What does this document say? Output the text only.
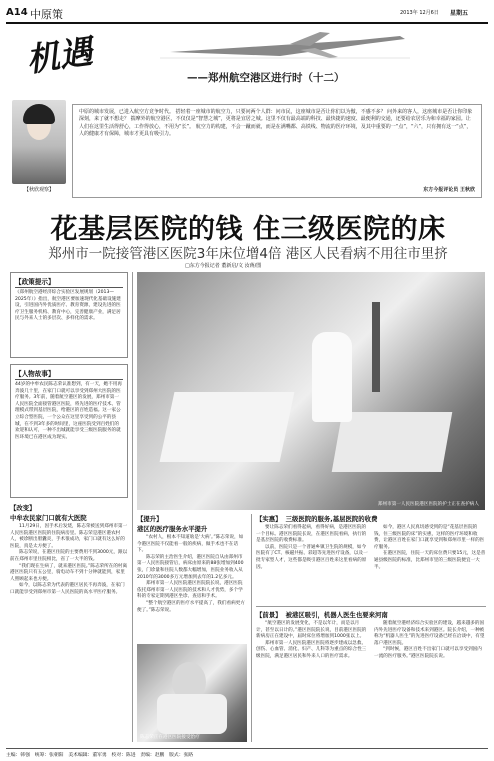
A14 中原策	2013年 12月6日 星期五
机遇	——郑州航空港区进行时（十二）
【秋欣观察】
中原的城市发展，已进入航空方竞争时代。 搭轻着一座城市的航空力，只要问两个人群：问市民，这座城市是否让你们以为傲，不感不多？ 问外来的客人，这座城市是否让你印象深刻，来了就不想走？ 揣摩外的航空港区，不仅仅是“智慧之城”，更将是宜居之城。这里不仅有最高端的科技、最快捷的速度、最便利的交通，还要给农居乐为和幸福的家园。让人们在这里生活得舒心，工作得放心，不用为“长”。 航空力的构建，不会一蹴而就，而是在满嘴都、高铁线、物流的医疗环境，及其中重要的一“点”，“六”，只有拥有这一“点”，人的健康才有保障，城市才更具有吸引力。
东方今报评论员 王秋欣
花基层医院的钱 住三级医院的床
郑州市一院接管港区医院3年床位增4倍 港区人民看病不用往市里挤
□东方今报记者 董新启/文 汝蒋/图
【政策提示】
《郑州航空港经济综合实验区发展规划（2013—2025年）》指出，航空港区要加速现代化基础设施建设，引进国内外优质医疗、教育资源，建设先进的医疗卫生服务机构、教育中心，完善健康产业，满足居民与外来人士的多层次、多样化的需求。
【人物故事】
44岁的中牟农民陈志荣认准想到，有一天，她不用再奔波几十里，在家门口就可以享受到郑州大医院的医疗服务。3年前，随着航空港区的发展，郑州市第一人民医院全面接管港区医院，将先进的医疗技术、管理模式带到基层医院，给港区的百姓造福。这一家公立综合型医院，一个公众在这里享受到的公平的县城，在不到3年多的时间里，这座医院受到百姓们的欢迎和认可，一种不出城就能享受三级医院服务的就医环境已在港区成为现实。
【改变】
中牟农民家门口就有大医院

11月29日，因手术后发烧，陈志荣被送到郑州市第一人民医院港区医院的住院病房里。陈志荣是港区港农村人，被诊断出胆囊炎，手术很成功，家门口就有这么好的医院，真是太方便了。

陈志荣说，在港区住院的主要费用不到3000元，跟以前在郑州市里住院相比，省了一大半的钱。

“我们现在生病了，就来港区医院。”陈志荣所在的村离港区医院只有五公里，骑电动车不到十分钟就能到，家里人照顾起来也方便。

如今，以陈志荣为代表的港区居民不再奔波，在家门口就能享受到郑州市第一人民医院的高水平医疗服务。

郑州市第一人民医院港区医院的护士正在查护病人
【提升】
港区的医疗服务水平提升

“农村人，根本不知道啥是‘大病’。”陈志荣说，如今港区医院不仅能看一般的疾病，做手术也不在话下。

陈志荣的主治医生介绍，港区医院自从由郑州市第一人民医院接管后，病床由原来的88张增加到400张，门诊量和住院人数都大幅增加，医院业务收入从2010年的3000多万元增加到去年的1.2亿多元。

郑州市第一人民医院港区医院院长说，港区医院依托郑州市第一人民医院的技术和人才优势，多个学科的专家定期到港区坐诊、查房和手术。

“整个航空港区的医疗水平提高了，我们看病更方便了。”陈志荣说。

陈志荣正在港区医院接受治疗
【实惠】 三级医院的服务,基层医院的收费

要让陈志荣们看得起病，看得好病，是港区医院的一个目标。港区医院院长说，在港区医院看病，执行的是基层医院的收费标准。

以前，医院只是一个普通乡镇卫生院的规模，如今医院有了CT、核磁共振、彩超等先进医疗设备，以及一批专家型人才，这些都是吸引港区百姓来这里看病的原因。

如今，港区人民真切感受到的是“花基层医院的钱，住三级医院的床”的实惠，这样的医疗环境和收费，让港区百姓在家门口就享受到和郑州市里一样的医疗服务。

在港区医院，住院一天的床位费只要15元，这是普通县级医院的标准，比郑州市里的三级医院便宜一大半。

【前景】 被港区吸引，机器人医生也要来河南

“航空港区的发展变化，不是以年计，而是以月计，甚至以日计的。”港区医院院长说，目前港区医院的新病房正在建设中，届时床位将增加到1000张以上。

郑州市第一人民医院港区医院将逐步建成以急救、创伤、心血管、消化、妇产、儿科等为重点的综合性三级医院，满足港区居民和外来人口的医疗需求。

随着航空港经济综合实验区的建设，越来越多的国内外先进医疗设备和技术来到港区。院长介绍，一种被称为“机器人医生”的先进医疗设备已经在洽谈中，有望落户港区医院。

“到时候，港区百姓不出家门口就可以享受到国内一流的医疗服务。”港区医院院长说。

主编：韩强　统筹：张朝阳　美术编辑：董军勇　校对：陈进　责编：赵鹏　版式：张路
